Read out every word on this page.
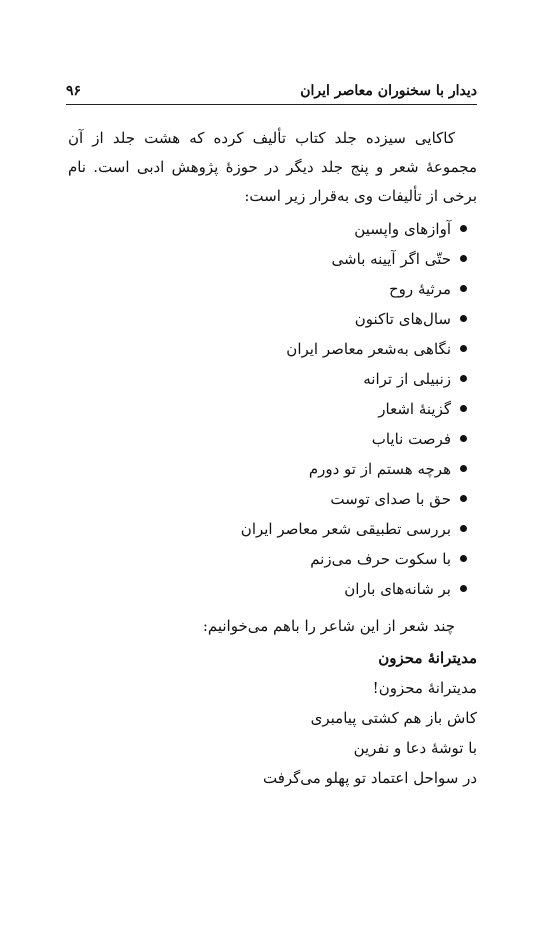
دیدار با سخنوران معاصر ایران
۹۶

کاکایی سیزده جلد کتاب تألیف کرده که هشت جلد از آن مجموعهٔ شعر و پنج جلد دیگر در حوزهٔ پژوهش ادبی است. نام برخی از تألیفات وی به‌قرار زیر است:

آوازهای واپسین
حتّی اگر آیینه باشی
مرثیهٔ روح
سال‌های تاکنون
نگاهی به‌شعر معاصر ایران
زنبیلی از ترانه
گزینهٔ اشعار
فرصت نایاب
هرچه هستم از تو دورم
حق با صدای توست
بررسی تطبیقی شعر معاصر ایران
با سکوت حرف می‌زنم
بر شانه‌های باران

چند شعر از این شاعر را باهم می‌خوانیم:

مدیترانهٔ محزون

مدیترانهٔ محزون!

کاش باز هم کشتی پیامبری

با توشهٔ دعا و نفرین

در سواحل اعتماد تو پهلو می‌گرفت
